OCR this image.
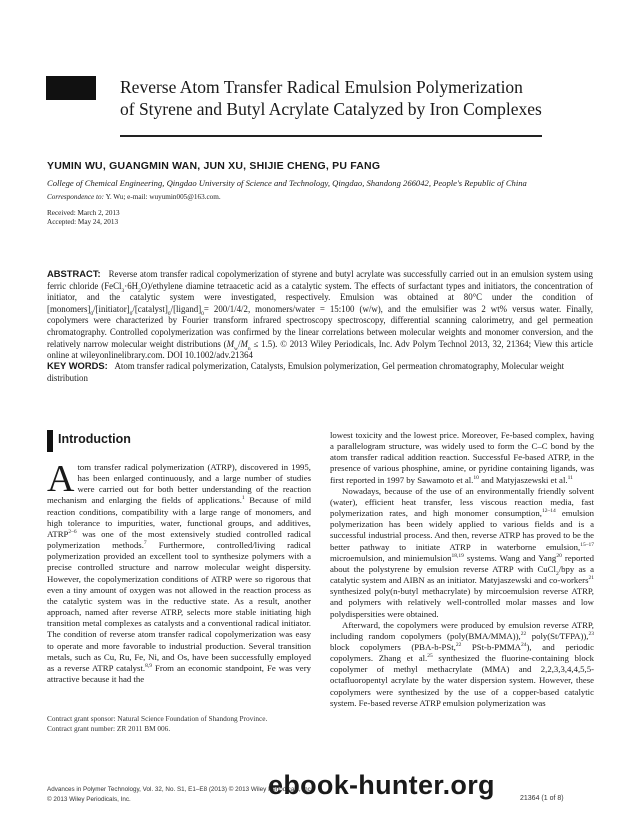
Reverse Atom Transfer Radical Emulsion Polymerization
of Styrene and Butyl Acrylate Catalyzed by Iron Complexes
YUMIN WU, GUANGMIN WAN, JUN XU, SHIJIE CHENG, PU FANG
College of Chemical Engineering, Qingdao University of Science and Technology, Qingdao, Shandong 266042, People's Republic of China
Correspondence to: Y. Wu; e-mail: wuyumin005@163.com.
Received: March 2, 2013
Accepted: May 24, 2013
ABSTRACT: Reverse atom transfer radical copolymerization of styrene and butyl acrylate was successfully carried out in an emulsion system using ferric chloride $(FeCl_3\cdot 6H_2O)$/ethylene diamine tetraacetic acid as a catalytic system. The effects of surfactant types and initiators, the concentration of initiator, and the catalytic system were investigated, respectively. Emulsion was obtained at 80°C under the condition of $[monomers]_0/[initiator]_0/[catalyst]_0/[ligand]_0= 200/1/4/2$, monomers/water = 15:100 (w/w), and the emulsifier was 2 wt% versus water. Finally, copolymers were characterized by Fourier transform infrared spectroscopy spectroscopy, differential scanning calorimetry, and gel permeation chromatography. Controlled copolymerization was confirmed by the linear correlations between molecular weights and monomer conversion, and the relatively narrow molecular weight distributions $(M_w/M_n \le 1.5)$. © 2013 Wiley Periodicals, Inc. Adv Polym Technol 2013, 32, 21364; View this article online at wileyonlinelibrary.com. DOI 10.1002/adv.21364
KEY WORDS: Atom transfer radical polymerization, Catalysts, Emulsion polymerization, Gel permeation chromatography, Molecular weight distribution
Introduction

Atom transfer radical polymerization (ATRP), discovered in 1995, has been enlarged continuously, and a large number of studies were carried out for both better understanding of the reaction mechanism and enlarging the fields of applications.$^1$ Because of mild reaction conditions, compatibility with a large range of monomers, and high tolerance to impurities, water, functional groups, and additives, ATRP$^{2-6}$ was one of the most extensively studied controlled radical polymerization methods.$^7$ Furthermore, controlled/living radical polymerization provided an excellent tool to synthesize polymers with a precise controlled structure and narrow molecular weight dispersity. However, the copolymerization conditions of ATRP were so rigorous that even a tiny amount of oxygen was not allowed in the reaction process as the catalytic system was in the reductive state. As a result, another approach, named after reverse ATRP, selects more stable initiating high transition metal complexes as catalysts and a conventional radical initiator. The condition of reverse atom transfer radical copolymerization was easy to operate and more favorable to industrial production. Several transition metals, such as Cu, Ru, Fe, Ni, and Os, have been successfully employed as a reverse ATRP catalyst.$^{8,9}$ From an economic standpoint, Fe was very attractive because it had the

Contract grant sponsor: Natural Science Foundation of Shandong Province.
Contract grant number: ZR 2011 BM 006.

lowest toxicity and the lowest price. Moreover, Fe-based complex, having a parallelogram structure, was widely used to form the C–C bond by the atom transfer radical addition reaction. Successful Fe-based ATRP, in the presence of various phosphine, amine, or pyridine containing ligands, was first reported in 1997 by Sawamoto et al.$^{10}$ and Matyjaszewski et al.$^{11}$

Nowadays, because of the use of an environmentally friendly solvent (water), efficient heat transfer, less viscous reaction media, fast polymerization rates, and high monomer consumption,$^{12-14}$ emulsion polymerization has been widely applied to various fields and is a successful industrial process. And then, reverse ATRP has proved to be the better pathway to initiate ATRP in waterborne emulsion,$^{15-17}$ microemulsion, and miniemulsion$^{18,19}$ systems. Wang and Yang$^{20}$ reported about the polystyrene by emulsion reverse ATRP with CuCl$_2$/bpy as a catalytic system and AIBN as an initiator. Matyjaszewski and co-workers$^{21}$ synthesized poly(n-butyl methacrylate) by mircoemulsion reverse ATRP, and polymers with relatively well-controlled molar masses and low polydispersities were obtained.

Afterward, the copolymers were produced by emulsion reverse ATRP, including random copolymers (poly(BMA/MMA)),$^{22}$ poly(St/TFPA)),$^{23}$ block copolymers (PBA-b-PSt,$^{22}$ PSt-b-PMMA$^{24}$), and periodic copolymers. Zhang et al.$^{25}$ synthesized the fluorine-containing block copolymer of methyl methacrylate (MMA) and 2,2,3,3,4,4,5,5-octafluoropentyl acrylate by the water dispersion system. However, these copolymers were synthesized by the use of a copper-based catalytic system. Fe-based reverse ATRP emulsion polymerization was

Advances in Polymer Technology, Vol. 32, No. S1, E1–E8 (2013) © 2013 Wiley Periodicals, Inc.
© 2013 Wiley Periodicals, Inc.	21364 (1 of 8)
ebook-hunter.org
